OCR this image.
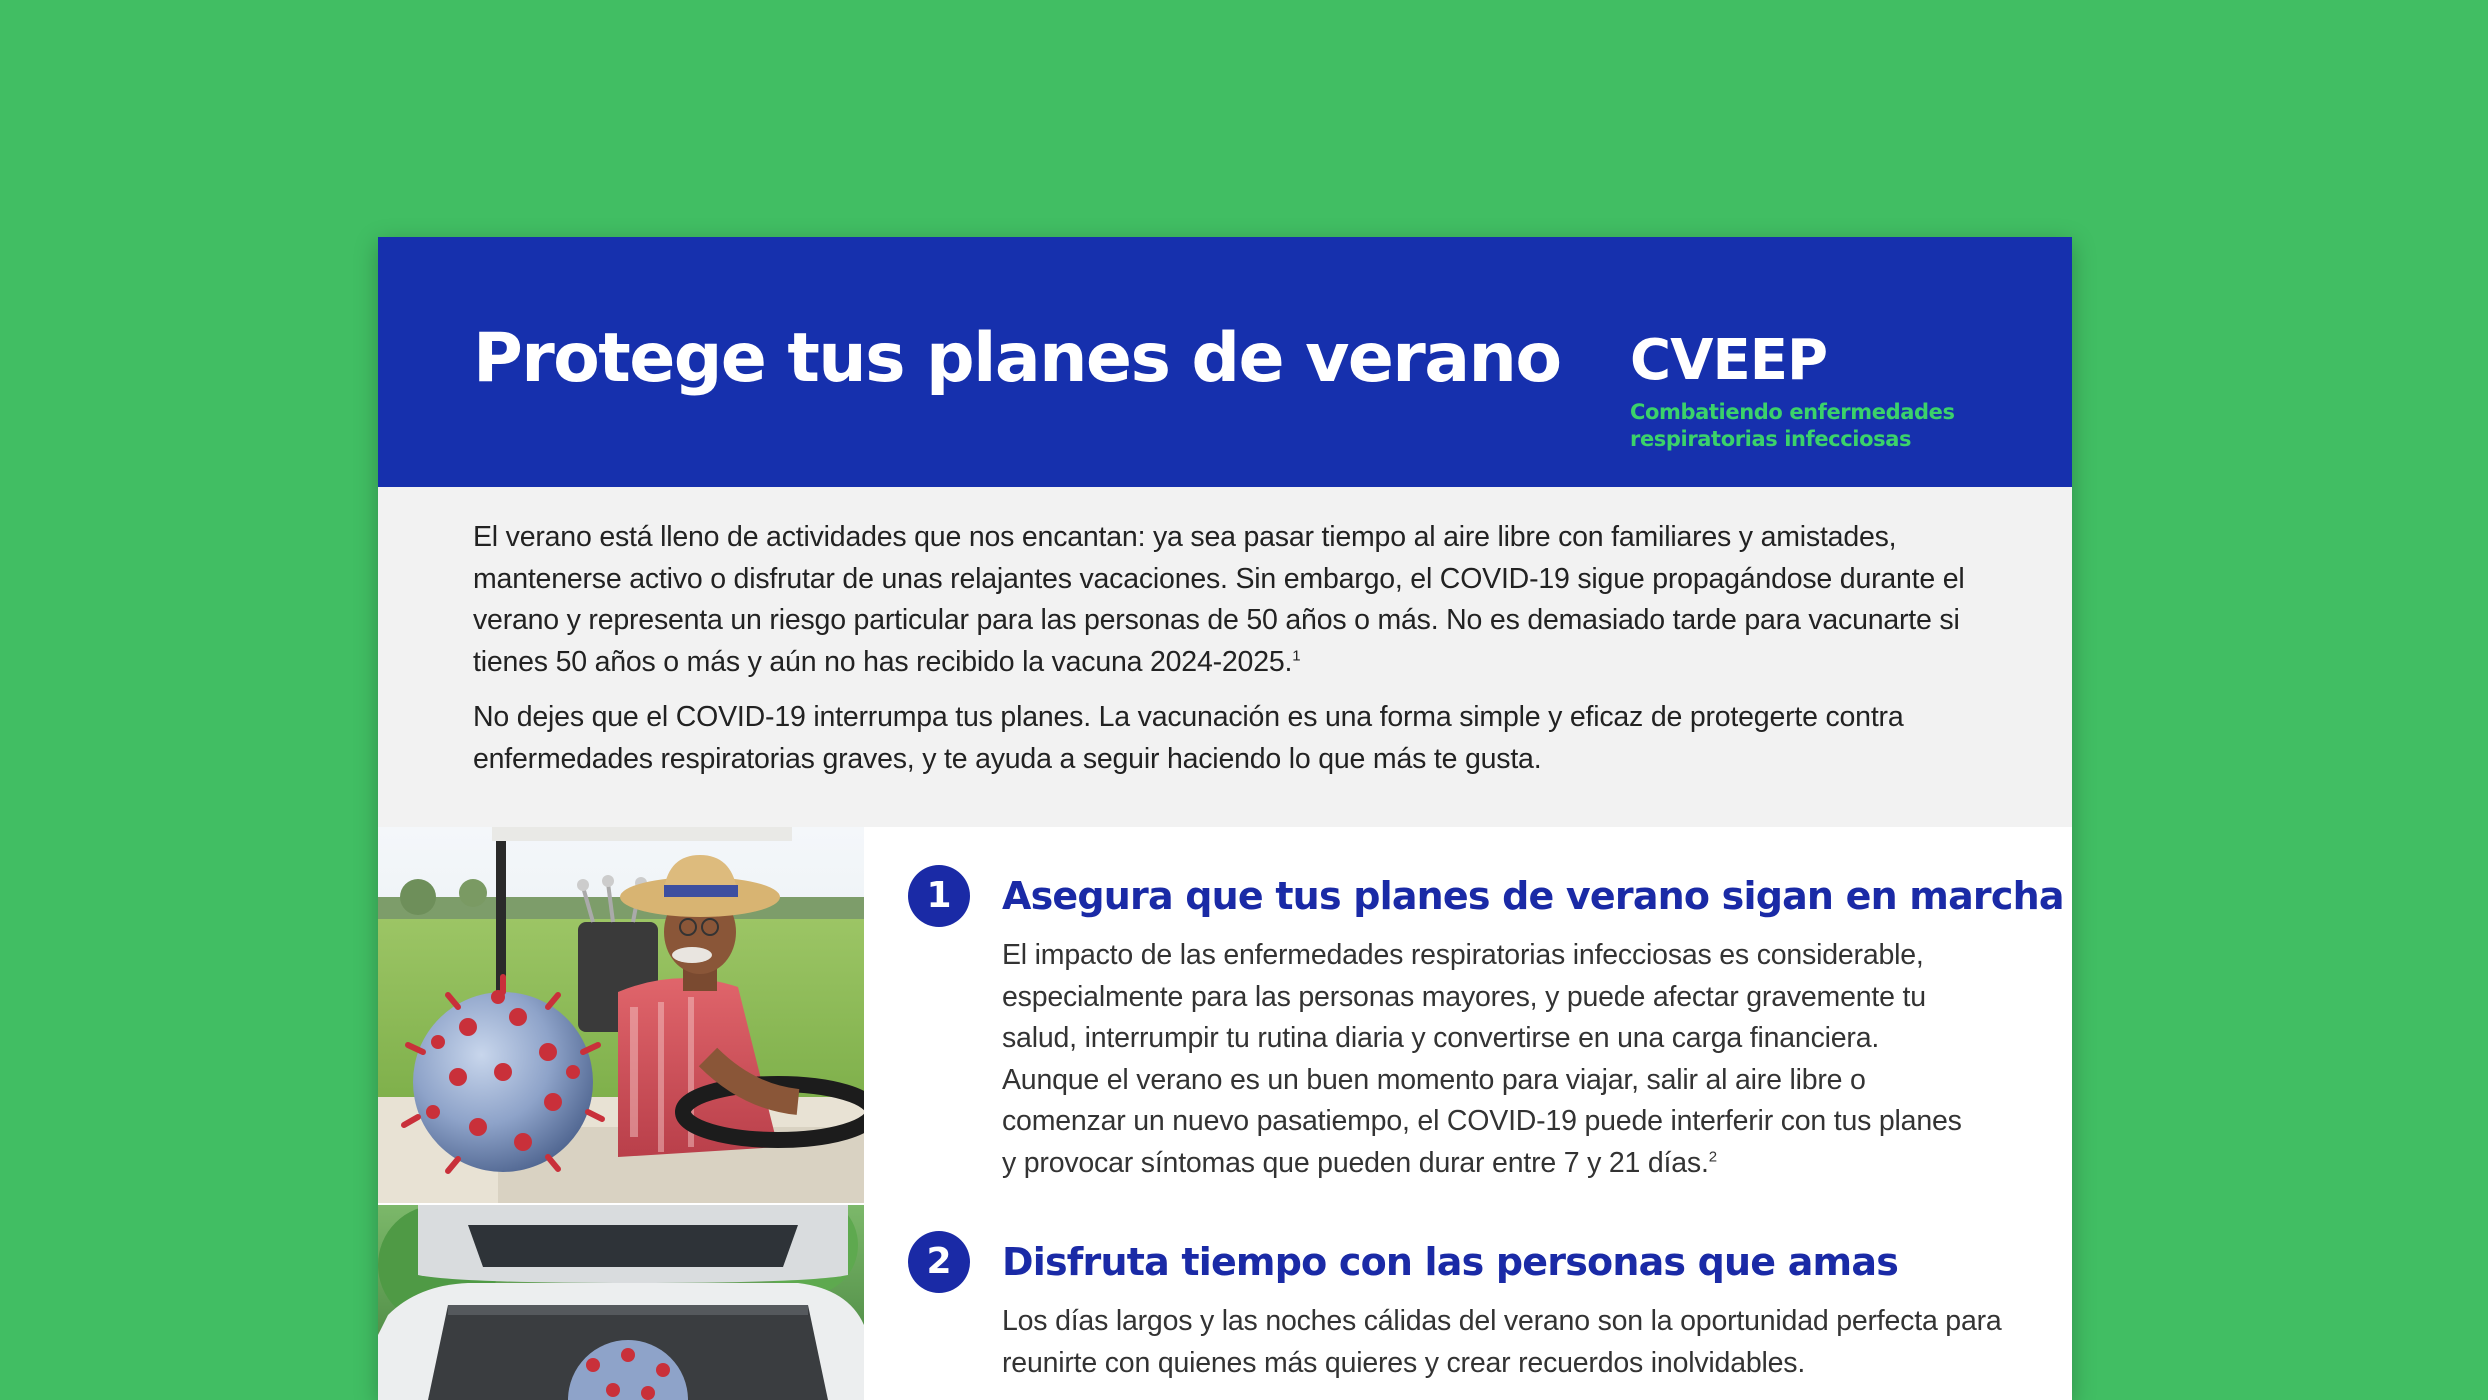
Protege tus planes de verano CVEEP
Combatiendo enfermedades respiratorias infecciosas

El verano está lleno de actividades que nos encantan: ya sea pasar tiempo al aire libre con familiares y amistades, mantenerse activo o disfrutar de unas relajantes vacaciones. Sin embargo, el COVID-19 sigue propagándose durante el verano y representa un riesgo particular para las personas de 50 años o más. No es demasiado tarde para vacunarte si tienes 50 años o más y aún no has recibido la vacuna 2024-2025.$^1$

No dejes que el COVID-19 interrumpa tus planes. La vacunación es una forma simple y eficaz de protegerte contra enfermedades respiratorias graves, y te ayuda a seguir haciendo lo que más te gusta.

1	Asegura que tus planes de verano sigan en marcha

El impacto de las enfermedades respiratorias infecciosas es considerable, especialmente para las personas mayores, y puede afectar gravemente tu salud, interrumpir tu rutina diaria y convertirse en una carga financiera. Aunque el verano es un buen momento para viajar, salir al aire libre o comenzar un nuevo pasatiempo, el COVID-19 puede interferir con tus planes y provocar síntomas que pueden durar entre 7 y 21 días.$^2$

2	Disfruta tiempo con las personas que amas

Los días largos y las noches cálidas del verano son la oportunidad perfecta para reunirte con quienes más quieres y crear recuerdos inolvidables.
